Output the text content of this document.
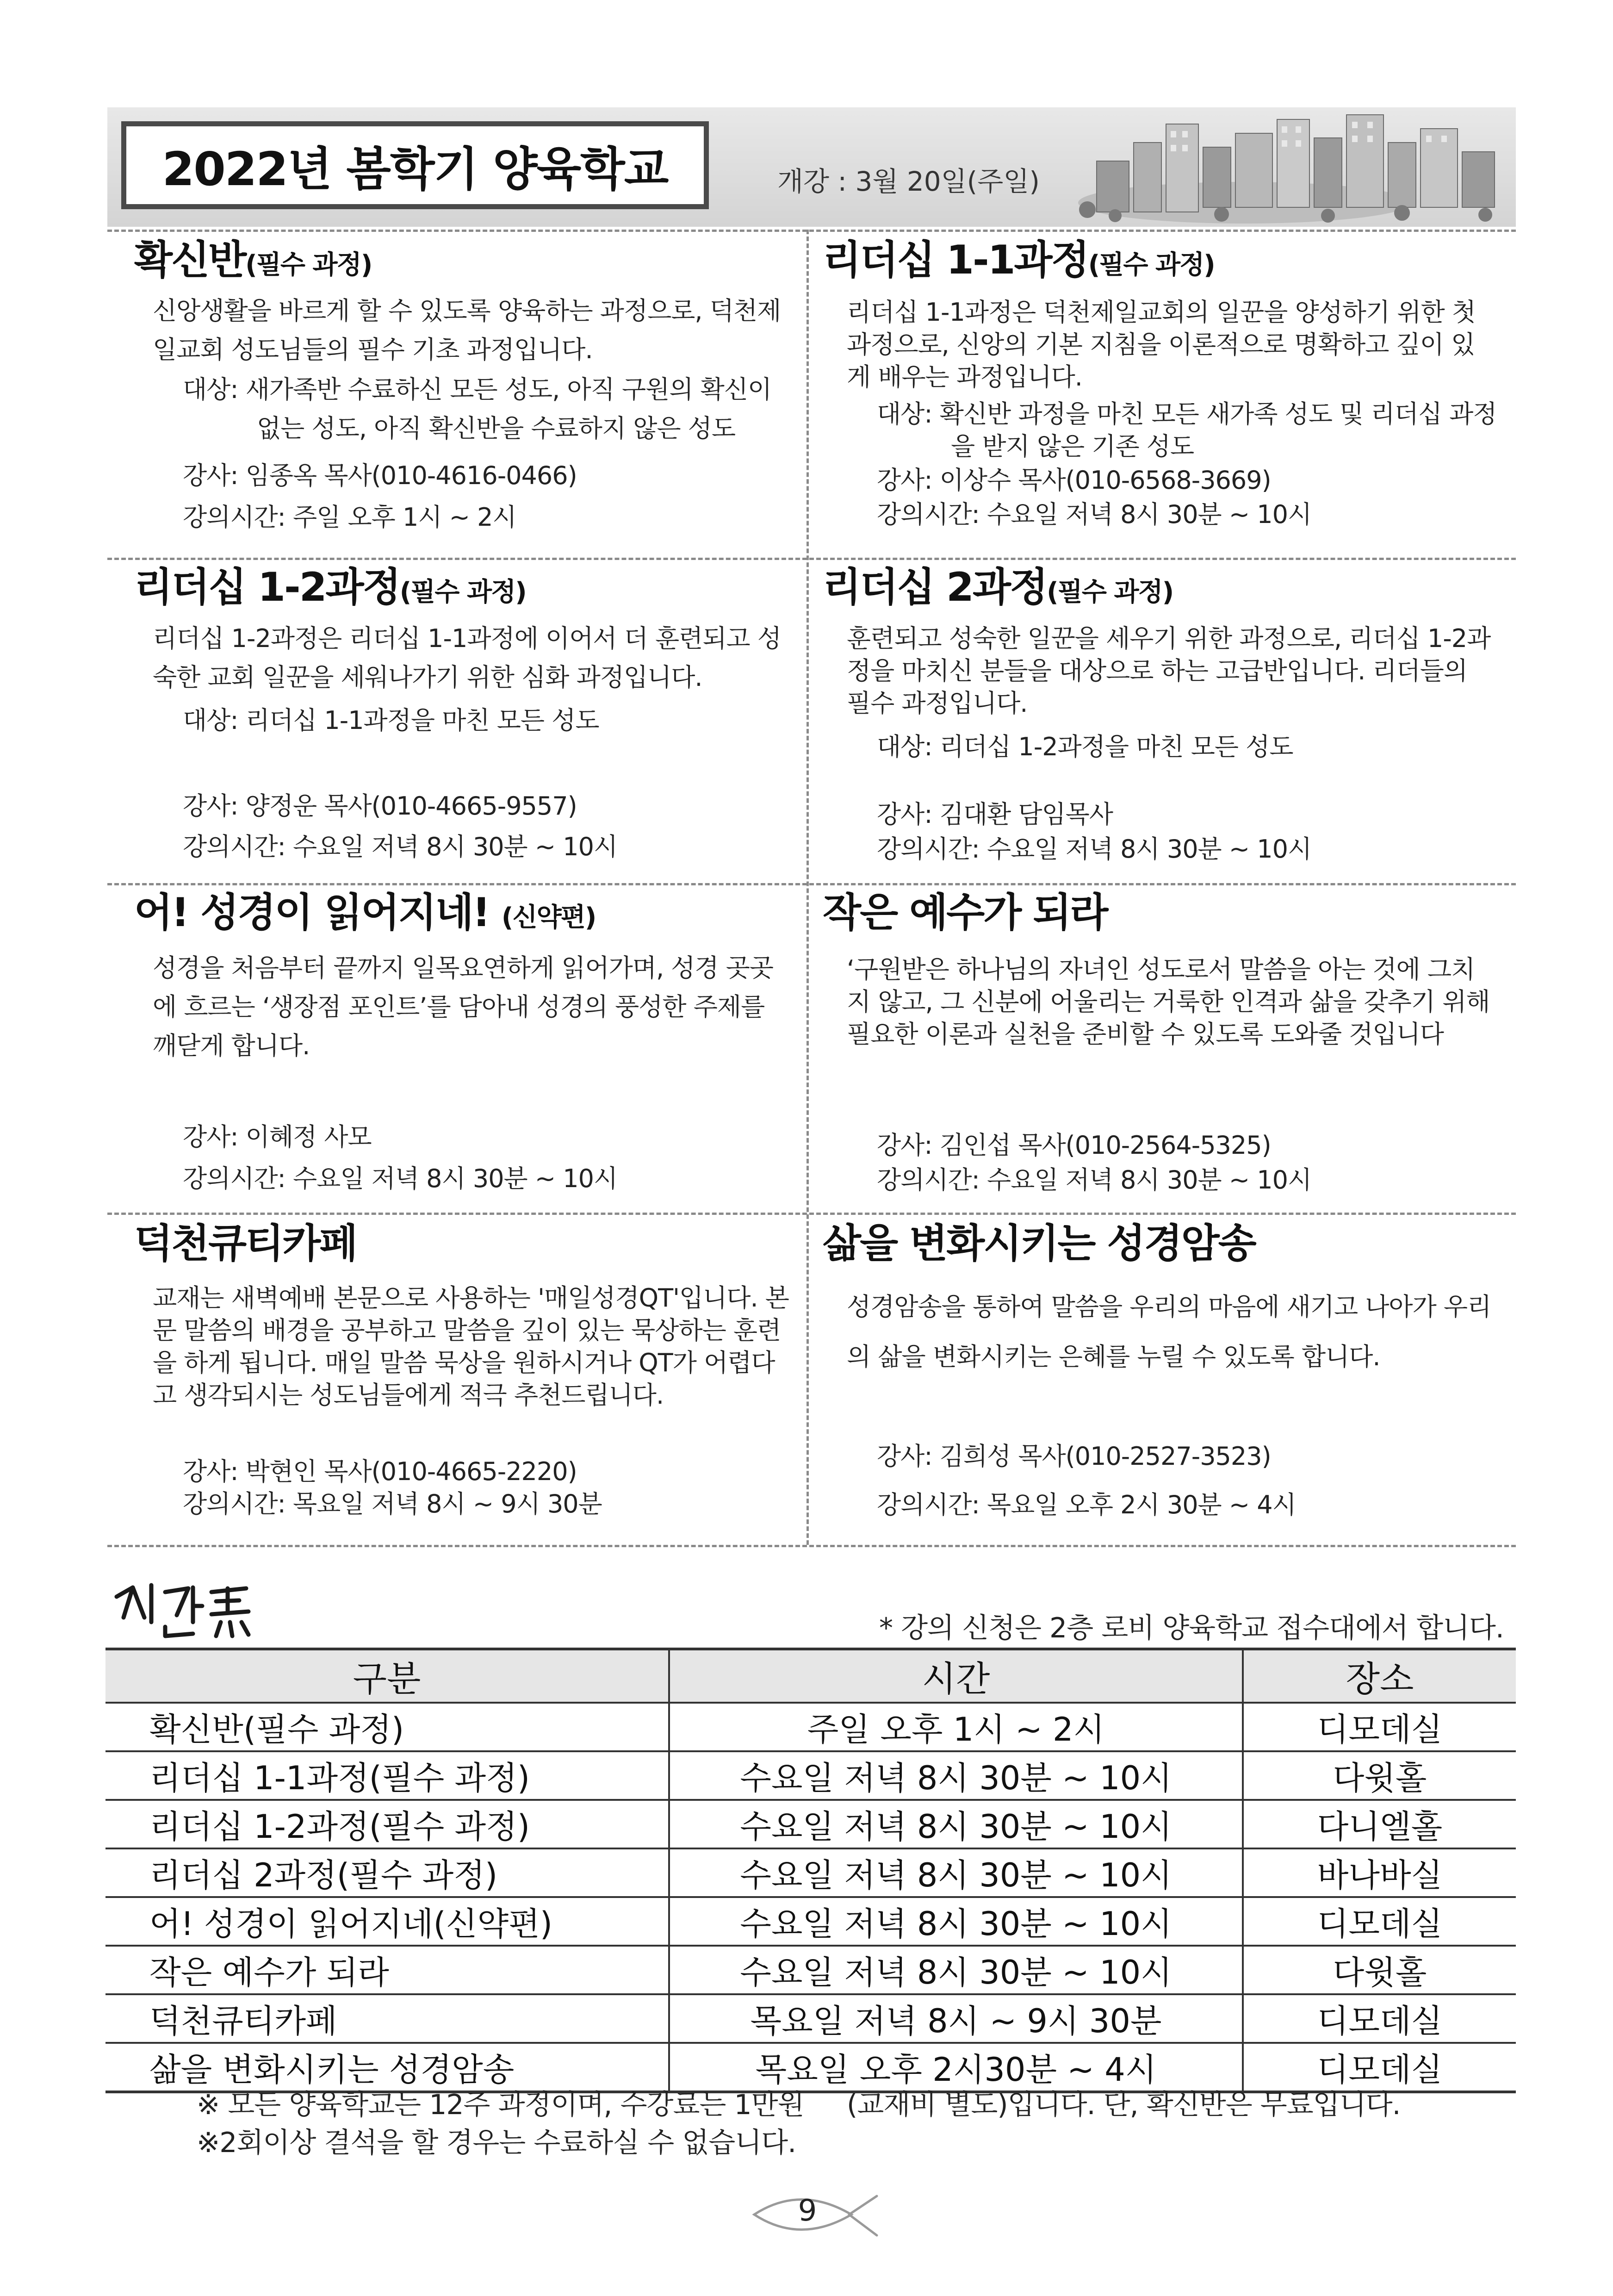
2022년 봄학기 양육학교	개강 : 3월 20일(주일)
확신반(필수 과정)
신앙생활을 바르게 할 수 있도록 양육하는 과정으로, 덕천제일교회 성도님들의 필수 기초 과정입니다.
대상: 새가족반 수료하신 모든 성도, 아직 구원의 확신이 없는 성도, 아직 확신반을 수료하지 않은 성도
강사: 임종옥 목사(010-4616-0466)
강의시간: 주일 오후 1시 ~ 2시
리더십 1-1과정(필수 과정)
리더십 1-1과정은 덕천제일교회의 일꾼을 양성하기 위한 첫 과정으로, 신앙의 기본 지침을 이론적으로 명확하고 깊이 있게 배우는 과정입니다.
대상: 확신반 과정을 마친 모든 새가족 성도 및 리더십 과정을 받지 않은 기존 성도
강사: 이상수 목사(010-6568-3669)
강의시간: 수요일 저녁 8시 30분 ~ 10시
리더십 1-2과정(필수 과정)
리더십 1-2과정은 리더십 1-1과정에 이어서 더 훈련되고 성숙한 교회 일꾼을 세워나가기 위한 심화 과정입니다.
대상: 리더십 1-1과정을 마친 모든 성도
강사: 양정운 목사(010-4665-9557)
강의시간: 수요일 저녁 8시 30분 ~ 10시
리더십 2과정(필수 과정)
훈련되고 성숙한 일꾼을 세우기 위한 과정으로, 리더십 1-2과정을 마치신 분들을 대상으로 하는 고급반입니다. 리더들의 필수 과정입니다.
대상: 리더십 1-2과정을 마친 모든 성도
강사: 김대환 담임목사
강의시간: 수요일 저녁 8시 30분 ~ 10시
어! 성경이 읽어지네! (신약편)
성경을 처음부터 끝까지 일목요연하게 읽어가며, 성경 곳곳에 흐르는 ‘생장점 포인트’를 담아내 성경의 풍성한 주제를 깨닫게 합니다.
강사: 이혜정 사모
강의시간: 수요일 저녁 8시 30분 ~ 10시
작은 예수가 되라
‘구원받은 하나님의 자녀인 성도로서 말씀을 아는 것에 그치지 않고, 그 신분에 어울리는 거룩한 인격과 삶을 갖추기 위해 필요한 이론과 실천을 준비할 수 있도록 도와줄 것입니다
강사: 김인섭 목사(010-2564-5325)
강의시간: 수요일 저녁 8시 30분 ~ 10시
덕천큐티카페
교재는 새벽예배 본문으로 사용하는 '매일성경QT'입니다. 본문 말씀의 배경을 공부하고 말씀을 깊이 있는 묵상하는 훈련을 하게 됩니다. 매일 말씀 묵상을 원하시거나 QT가 어렵다고 생각되시는 성도님들에게 적극 추천드립니다.
강사: 박현인 목사(010-4665-2220)
강의시간: 목요일 저녁 8시 ~ 9시 30분
삶을 변화시키는 성경암송
성경암송을 통하여 말씀을 우리의 마음에 새기고 나아가 우리의 삶을 변화시키는 은혜를 누릴 수 있도록 합니다.
강사: 김희성 목사(010-2527-3523)
강의시간: 목요일 오후 2시 30분 ~ 4시
* 강의 신청은 2층 로비 양육학교 접수대에서 합니다.
구분	시간	장소
확신반(필수 과정)	주일 오후 1시 ~ 2시	디모데실
리더십 1-1과정(필수 과정)	수요일 저녁 8시 30분 ~ 10시	다윗홀
리더십 1-2과정(필수 과정)	수요일 저녁 8시 30분 ~ 10시	다니엘홀
리더십 2과정(필수 과정)	수요일 저녁 8시 30분 ~ 10시	바나바실
어! 성경이 읽어지네(신약편)	수요일 저녁 8시 30분 ~ 10시	디모데실
작은 예수가 되라	수요일 저녁 8시 30분 ~ 10시	다윗홀
덕천큐티카페	목요일 저녁 8시 ~ 9시 30분	디모데실
삶을 변화시키는 성경암송	목요일 오후 2시30분 ~ 4시	디모데실
※ 모든 양육학교는 12주 과정이며, 수강료는 1만원 (교재비 별도)입니다. 단, 확신반은 무료입니다.
※2회이상 결석을 할 경우는 수료하실 수 없습니다.
9
